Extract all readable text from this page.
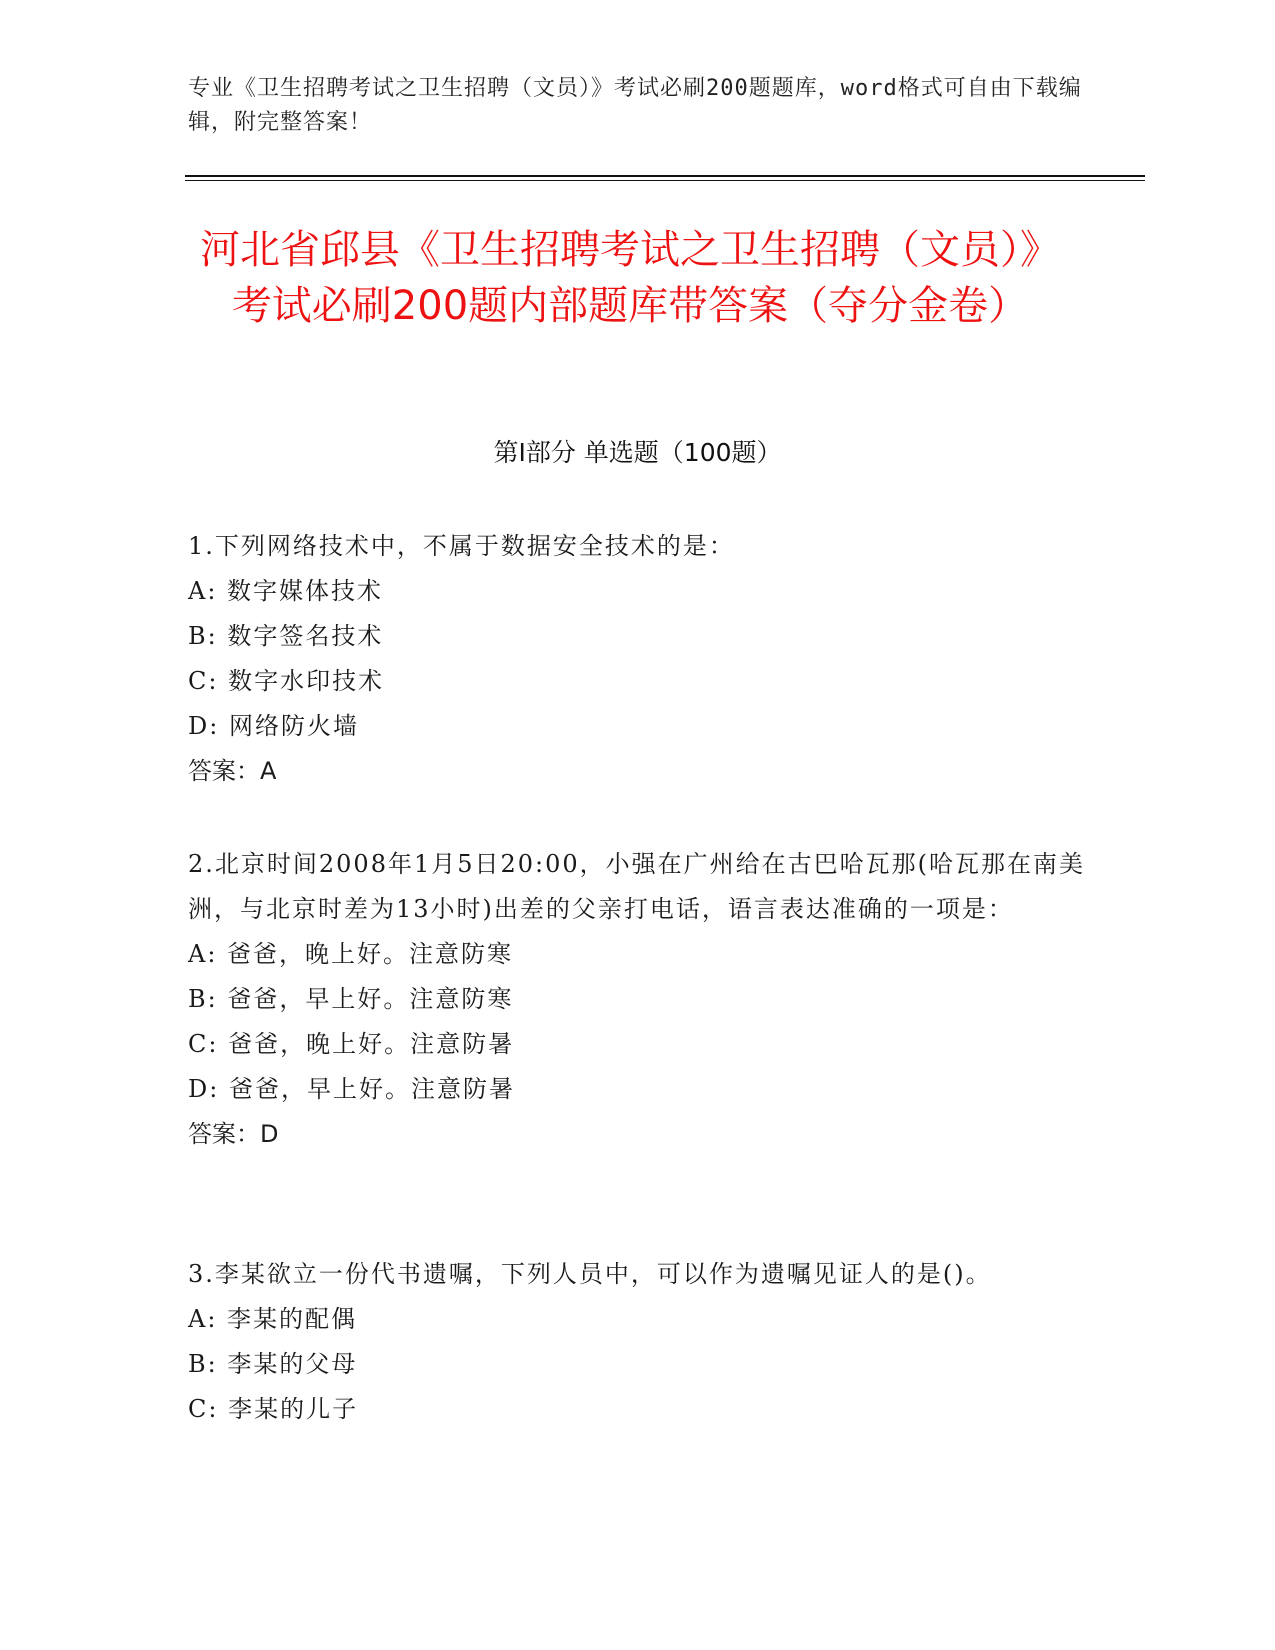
专业《卫生招聘考试之卫生招聘（文员）》考试必刷200题题库，word格式可自由下载编辑，附完整答案！
河北省邱县《卫生招聘考试之卫生招聘（文员）》考试必刷200题内部题库带答案（夺分金卷）
第Ⅰ部分 单选题（100题）
1.下列网络技术中，不属于数据安全技术的是：
A: 数字媒体技术
B: 数字签名技术
C: 数字水印技术
D: 网络防火墙
答案：A
2.北京时间2008年1月5日20:00，小强在广州给在古巴哈瓦那(哈瓦那在南美洲，与北京时差为13小时)出差的父亲打电话，语言表达准确的一项是：
A: 爸爸，晚上好。注意防寒
B: 爸爸，早上好。注意防寒
C: 爸爸，晚上好。注意防暑
D: 爸爸，早上好。注意防暑
答案：D
3.李某欲立一份代书遗嘱，下列人员中，可以作为遗嘱见证人的是()。
A: 李某的配偶
B: 李某的父母
C: 李某的儿子
